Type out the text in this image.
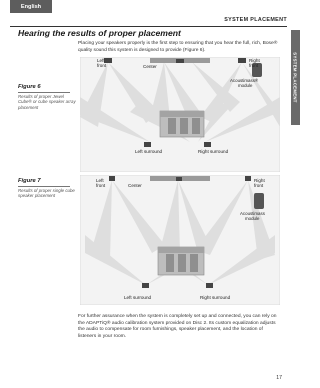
English
SYSTEM PLACEMENT
SYSTEM PLACEMENT
Hearing the results of proper placement

Placing your speakers properly is the first step to ensuring that you hear the full, rich, Bose® quality sound this system is designed to provide (Figure 6).

Figure 6
Results of proper Jewel Cube® or cube speaker array placement
Left
front	Center
Right
front
Acoustimass®
module
Left surround	Right surround
Figure 7
Results of proper single cube speaker placement
Left
front	Center
Right
front
Acoustimass
module
Left surround	Right surround

For further assurance when the system is completely set up and connected, you can rely on the ADAPTiQ® audio calibration system provided on Disc 2. Its custom equalization adjusts the audio to compensate for room furnishings, speaker placement, and the location of listeners in your room.

17
